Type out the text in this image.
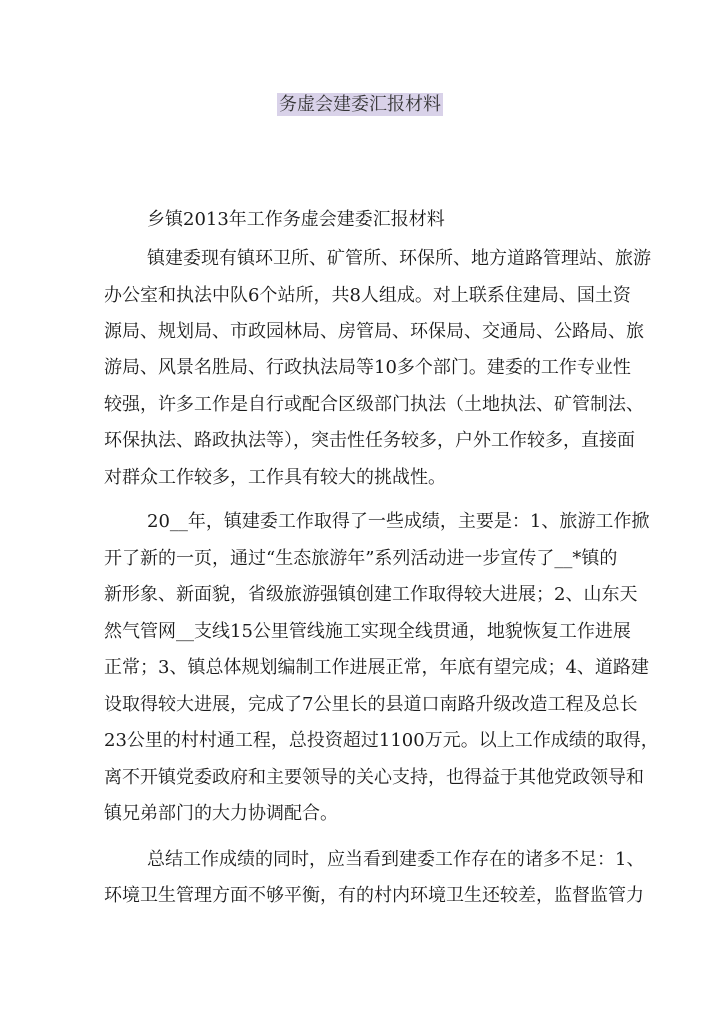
务虚会建委汇报材料
乡镇2013年工作务虚会建委汇报材料
镇建委现有镇环卫所、矿管所、环保所、地方道路管理站、旅游
办公室和执法中队6个站所，共8人组成。对上联系住建局、国土资
源局、规划局、市政园林局、房管局、环保局、交通局、公路局、旅
游局、风景名胜局、行政执法局等10多个部门。建委的工作专业性
较强，许多工作是自行或配合区级部门执法（土地执法、矿管制法、
环保执法、路政执法等），突击性任务较多，户外工作较多，直接面
对群众工作较多，工作具有较大的挑战性。
20__年，镇建委工作取得了一些成绩，主要是：1、旅游工作掀
开了新的一页，通过“生态旅游年”系列活动进一步宣传了__*镇的
新形象、新面貌，省级旅游强镇创建工作取得较大进展；2、山东天
然气管网__支线15公里管线施工实现全线贯通，地貌恢复工作进展
正常；3、镇总体规划编制工作进展正常，年底有望完成；4、道路建
设取得较大进展，完成了7公里长的县道口南路升级改造工程及总长
23公里的村村通工程，总投资超过1100万元。以上工作成绩的取得，
离不开镇党委政府和主要领导的关心支持，也得益于其他党政领导和
镇兄弟部门的大力协调配合。
总结工作成绩的同时，应当看到建委工作存在的诸多不足：1、
环境卫生管理方面不够平衡，有的村内环境卫生还较差，监督监管力
